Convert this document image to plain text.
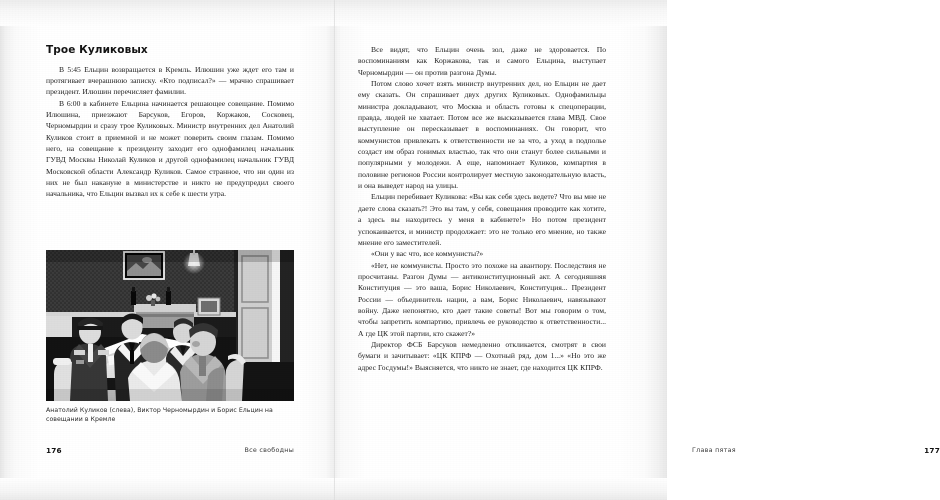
Трое Куликовых

В 5:45 Ельцин возвращается в Кремль. Илюшин уже ждет его там и протягивает вчерашнюю записку. «Кто подписал?» — мрачно спрашивает президент. Илюшин перечисляет фамилии.

В 6:00 в кабинете Ельцина начинается решающее совещание. Помимо Илюшина, приезжают Барсуков, Егоров, Коржаков, Сосковец, Черномырдин и сразу трое Куликовых. Министр внутренних дел Анатолий Куликов стоит в приемной и не может поверить своим глазам. Помимо него, на совещание к президенту заходит его однофамилец начальник ГУВД Москвы Николай Куликов и другой однофамилец начальник ГУВД Московской области Александр Куликов. Самое странное, что ни один из них не был накануне в министерстве и никто не предупредил своего начальника, что Ельцин вызвал их к себе к шести утра.

Анатолий Куликов (слева), Виктор Черномырдин и Борис Ельцин на совещании в Кремле
176	Все свободны

Все видят, что Ельцин очень зол, даже не здоровается. По воспоминаниям как Коржакова, так и самого Ельцина, выступает Черномырдин — он против разгона Думы.

Потом слово хочет взять министр внутренних дел, но Ельцин не дает ему сказать. Он спрашивает двух других Куликовых. Однофамильцы министра докладывают, что Москва и область готовы к спецоперации, правда, людей не хватает. Потом все же высказывается глава МВД. Свое выступление он пересказывает в воспоминаниях. Он говорит, что коммунистов привлекать к ответственности не за что, а уход в подполье создаст им образ гонимых властью, так что они станут более сильными и популярными у молодежи. А еще, напоминает Куликов, компартия в половине регионов России контролирует местную законодательную власть, и она выведет народ на улицы.

Ельцин перебивает Куликова: «Вы как себя здесь ведете? Что вы мне не даете слова сказать?! Это вы там, у себя, совещания проводите как хотите, а здесь вы находитесь у меня в кабинете!» Но потом президент успокаивается, и министр продолжает: это не только его мнение, но также мнение его заместителей.

«Они у вас что, все коммунисты?»

«Нет, не коммунисты. Просто это похоже на авантюру. Последствия не просчитаны. Разгон Думы — антиконституционный акт. А сегодняшняя Конституция — это ваша, Борис Николаевич, Конституция... Президент России — объединитель нации, а вам, Борис Николаевич, навязывают войну. Даже непонятно, кто дает такие советы! Вот мы говорим о том, чтобы запретить компартию, привлечь ее руководство к ответственности... А где ЦК этой партии, кто скажет?»

Директор ФСБ Барсуков немедленно откликается, смотрят в свои бумаги и зачитывает: «ЦК КПРФ — Охотный ряд, дом 1...» «Но это же адрес Госдумы!» Выясняется, что никто не знает, где находится ЦК КПРФ.

Глава пятая	177
